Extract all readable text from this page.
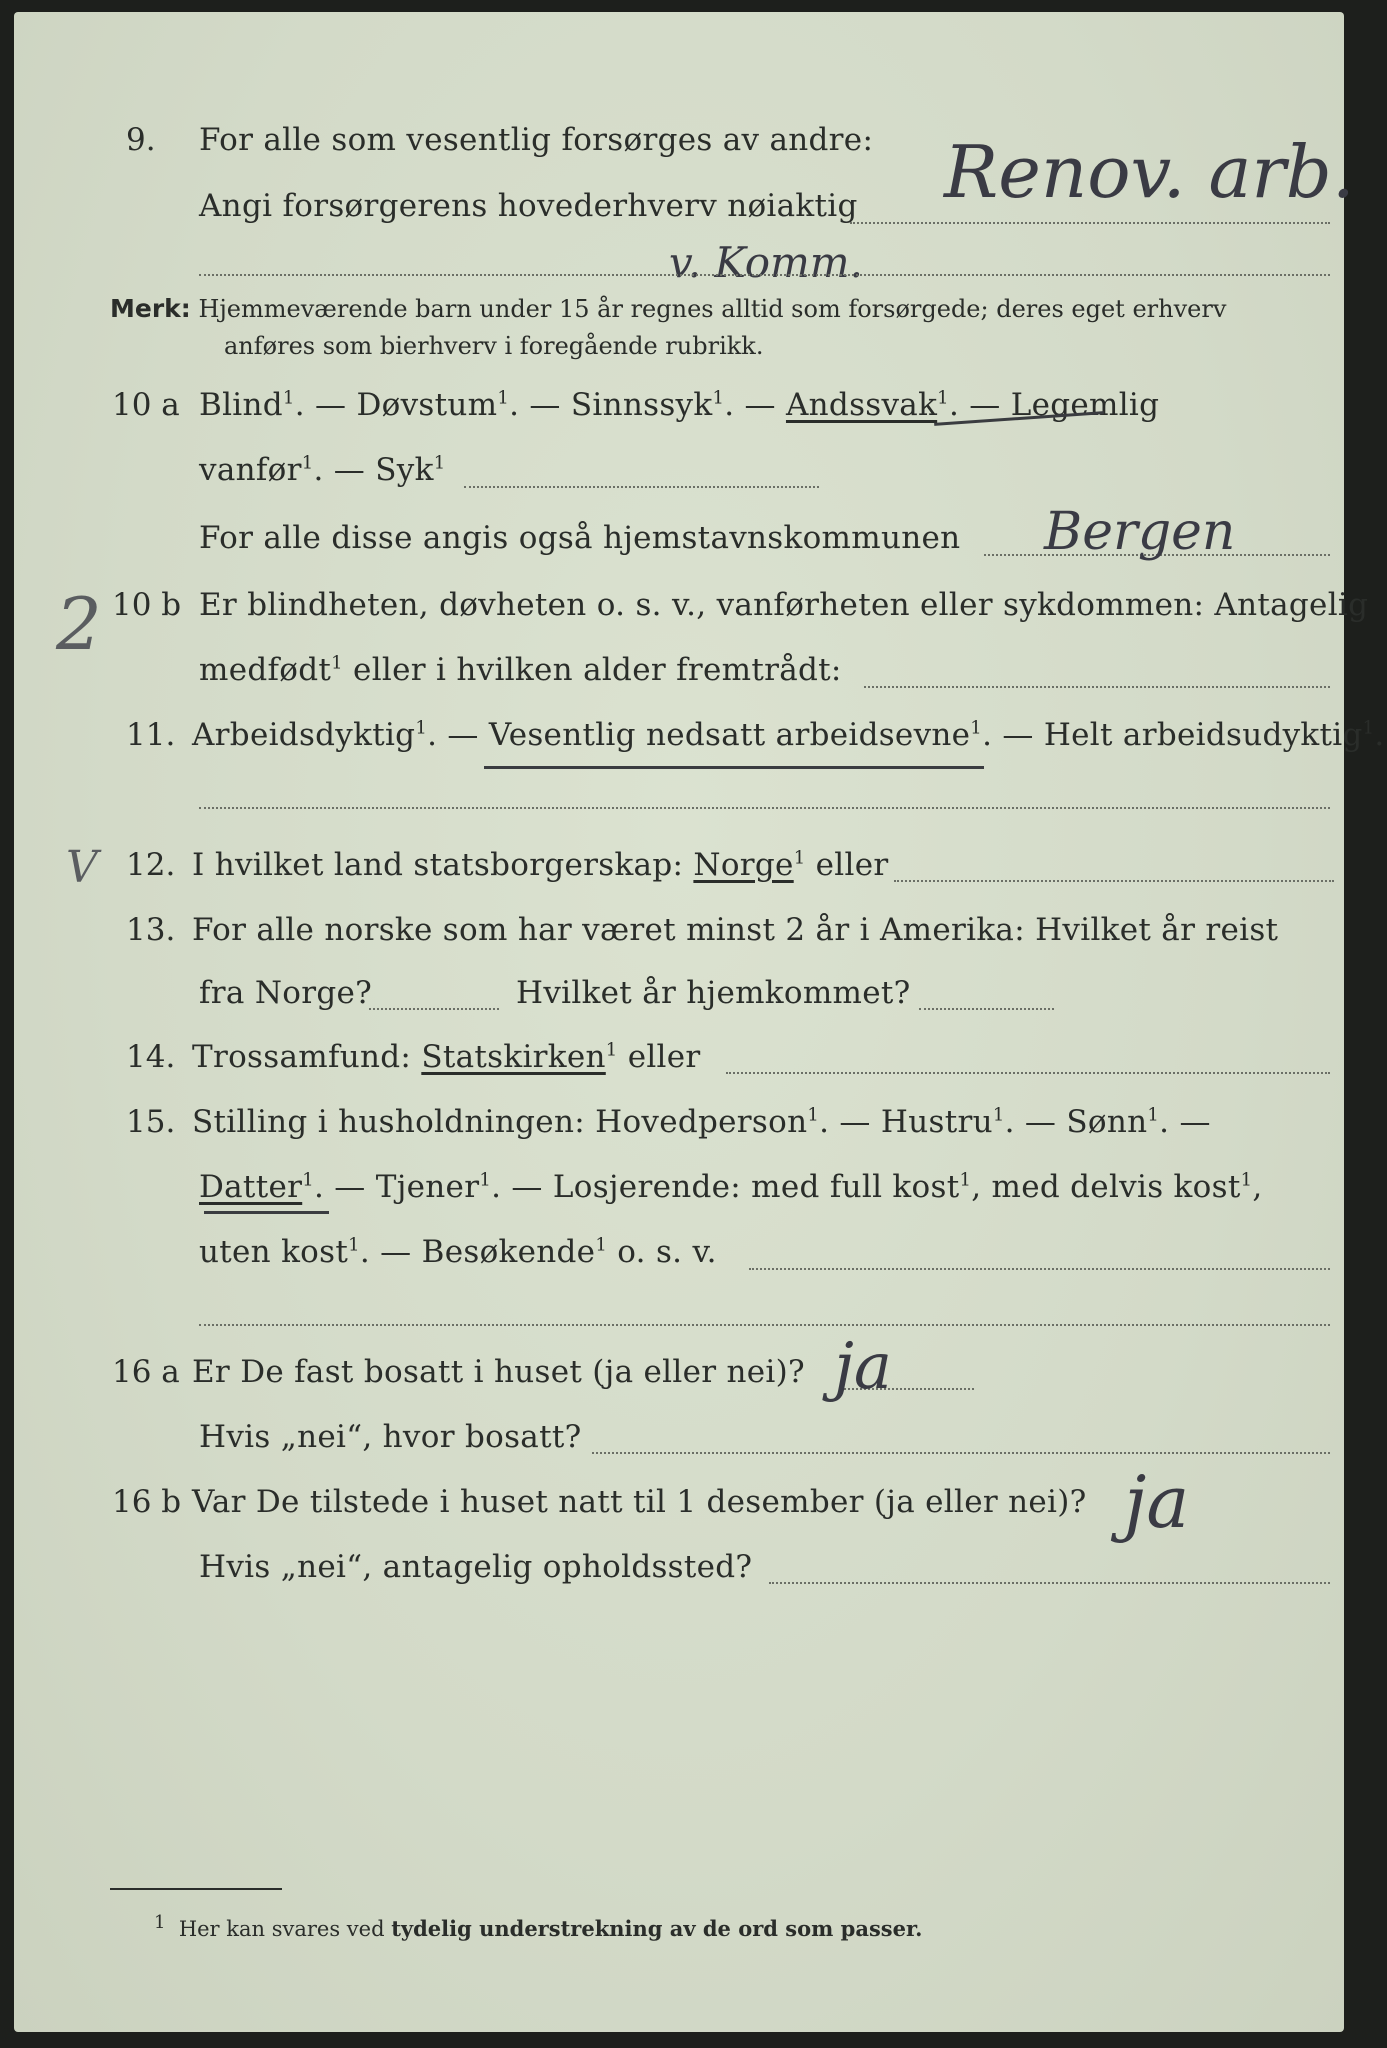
9. For alle som vesentlig forsørges av andre:
Angi forsørgerens hovederhverv nøiaktig Renov. arb.
v. Komm.
Merk: Hjemmeværende barn under 15 år regnes alltid som forsørgede; deres eget erhverv
anføres som bierhverv i foregående rubrikk.
10 a Blind$^1$. — Døvstum$^1$. — Sinnssyk$^1$. — Andssvak$^1$. — Legemlig
vanfør$^1$. — Syk$^1$
For alle disse angis også hjemstavnskommunen Bergen
2 10 b Er blindheten, døvheten o. s. v., vanførheten eller sykdommen: Antagelig
medfødt$^1$ eller i hvilken alder fremtrådt:
11. Arbeidsdyktig$^1$. — Vesentlig nedsatt arbeidsevne$^1$. — Helt arbeidsudyktig$^1$.
V 12. I hvilket land statsborgerskap: Norge$^1$ eller
13. For alle norske som har været minst 2 år i Amerika: Hvilket år reist
fra Norge?	Hvilket år hjemkommet?
14. Trossamfund: Statskirken$^1$ eller
15. Stilling i husholdningen: Hovedperson$^1$. — Hustru$^1$. — Sønn$^1$. —
Datter$^1$. — Tjener$^1$. — Losjerende: med full kost$^1$, med delvis kost$^1$,
uten kost$^1$. — Besøkende$^1$ o. s. v.
16 a Er De fast bosatt i huset (ja eller nei)? ja
Hvis „nei“, hvor bosatt?
16 b Var De tilstede i huset natt til 1 desember (ja eller nei)? ja
Hvis „nei“, antagelig opholdssted?
1 Her kan svares ved tydelig understrekning av de ord som passer.
